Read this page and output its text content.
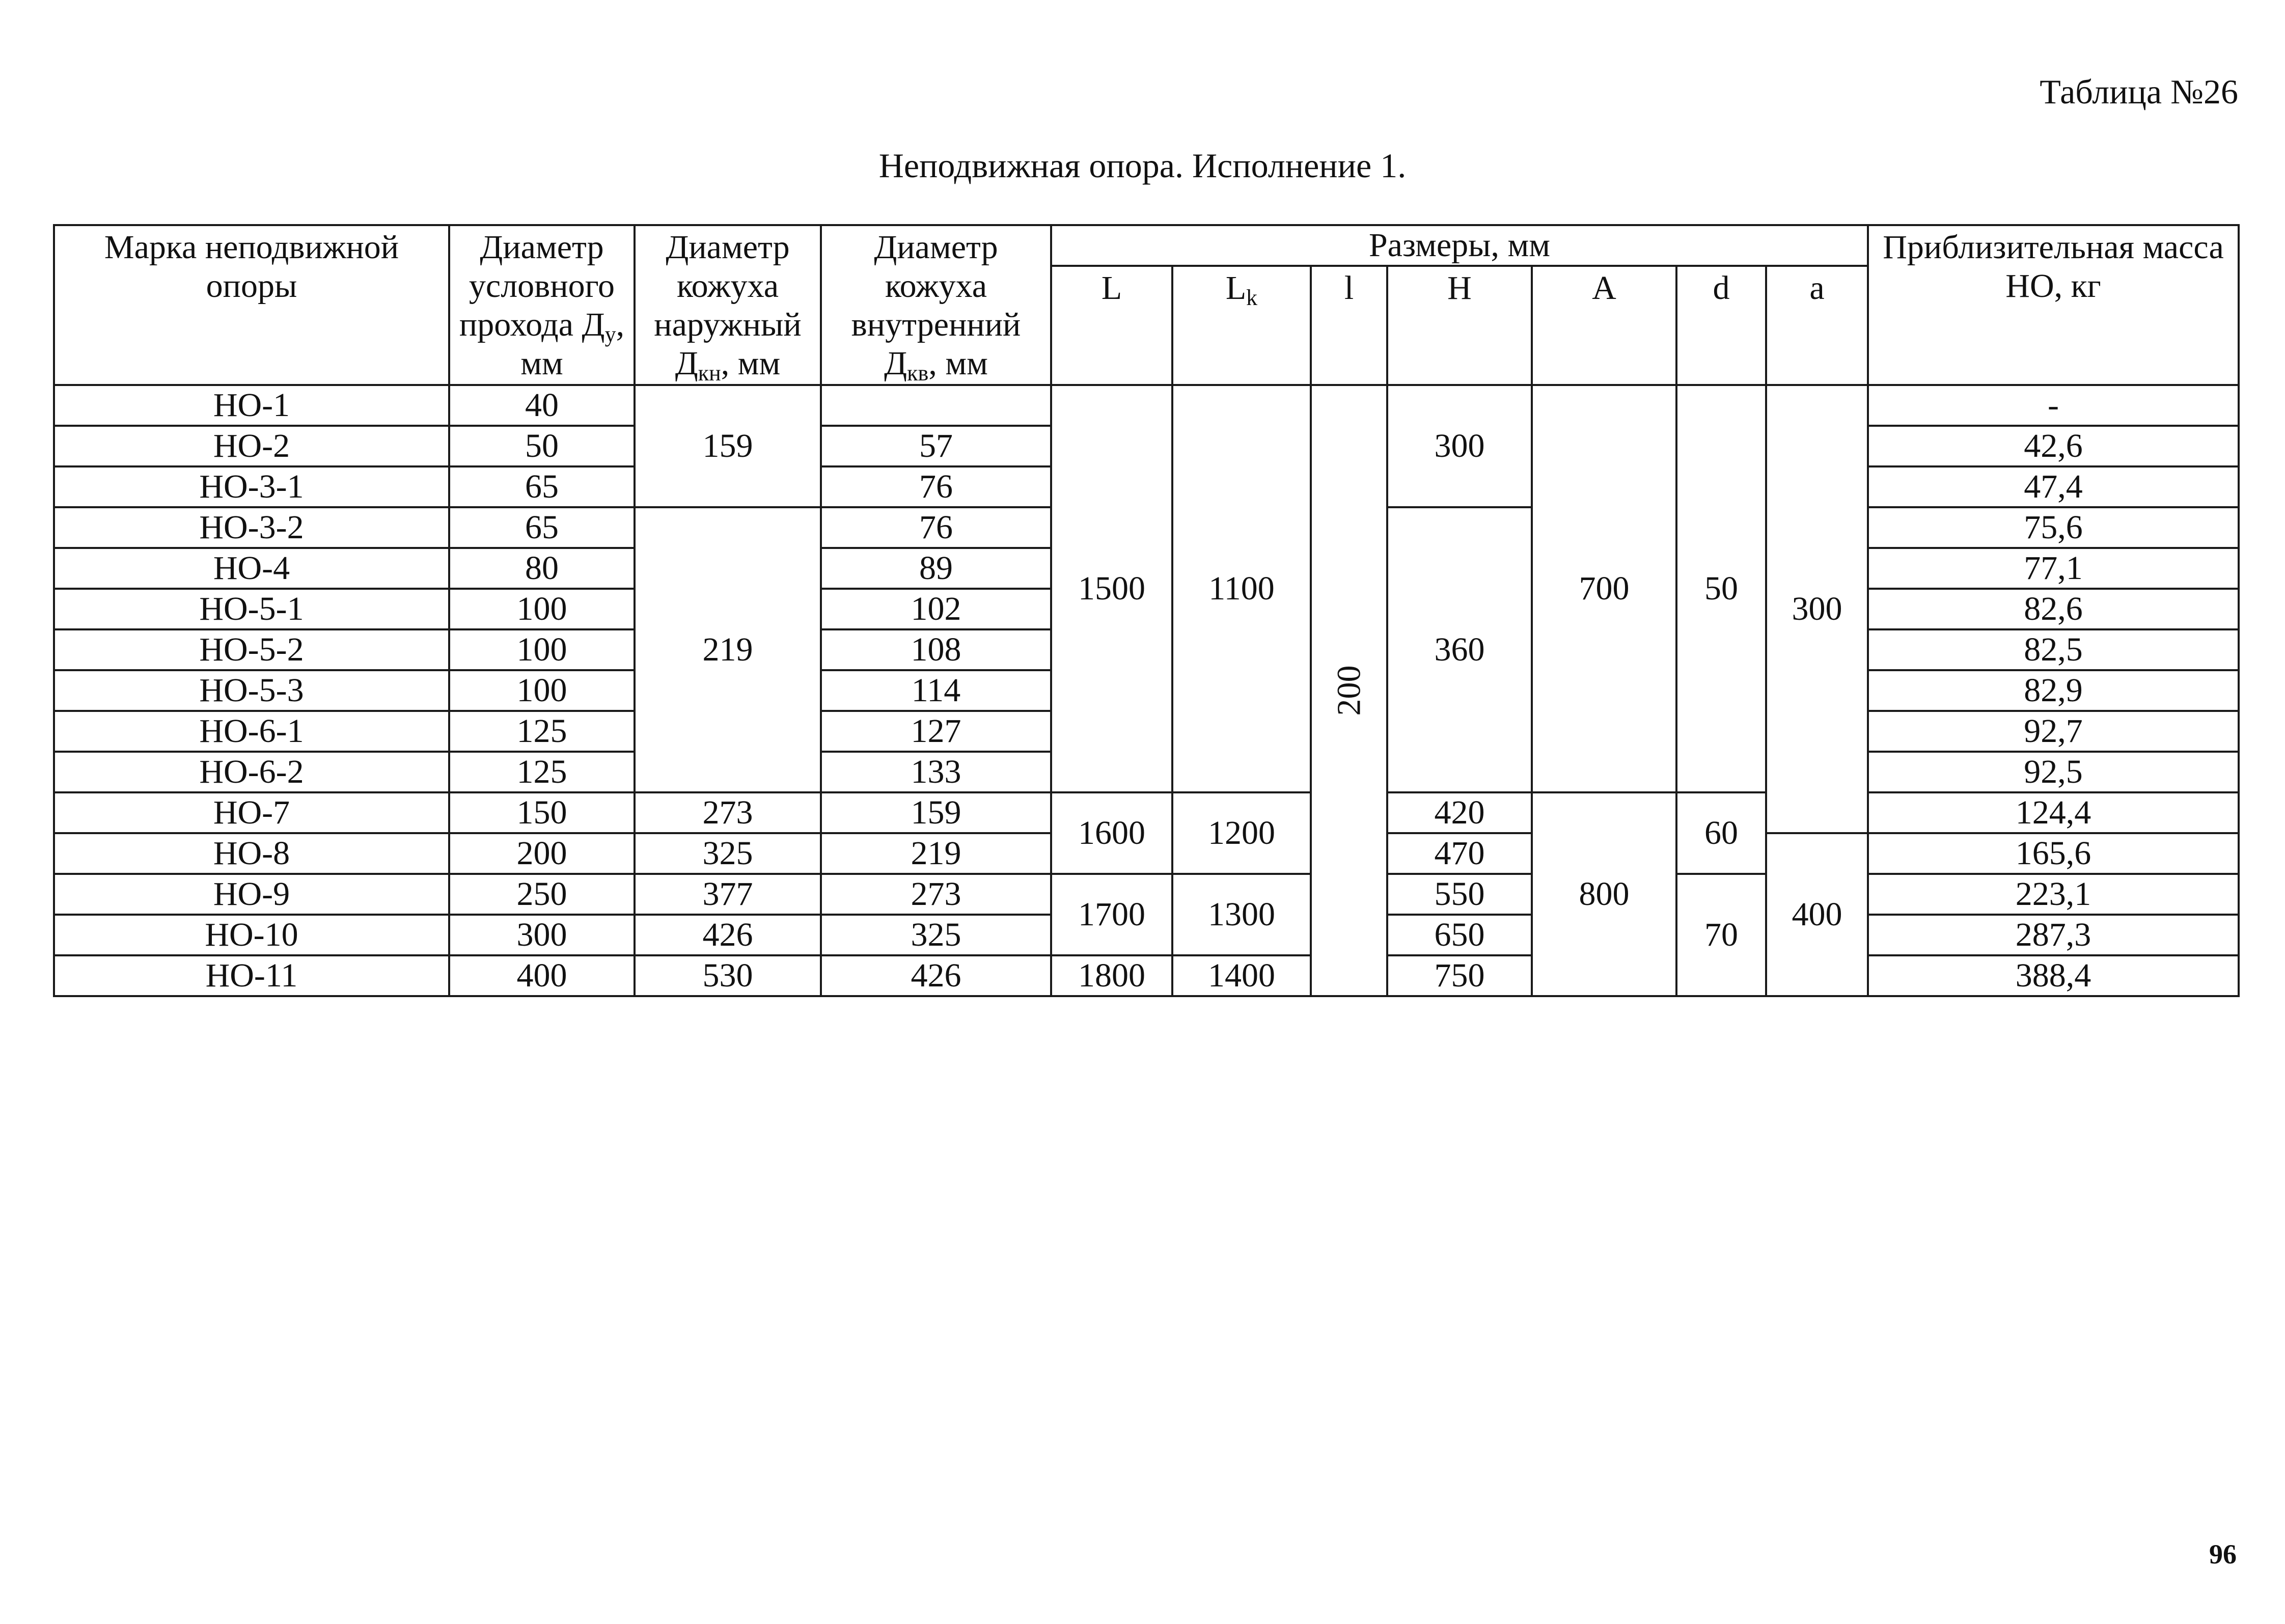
Таблица №26
Неподвижная опора. Исполнение 1.
Марка неподвижной опоры	Диаметр условного прохода $Д_у$, мм	Диаметр кожуха наружный $Д_{кн}$, мм	Диаметр кожуха внутренний $Д_{кв}$, мм	Размеры, мм							Приблизительная масса НО, кг
				L	$L_k$	l	H	A	d	a	
НО-1	40	159		1500	1100	200	300	700	50	300	-
НО-2	50		57								42,6
НО-3-1	65		76								47,4
НО-3-2	65	219	76				360				75,6
НО-4	80		89								77,1
НО-5-1	100		102								82,6
НО-5-2	100		108								82,5
НО-5-3	100		114								82,9
НО-6-1	125		127								92,7
НО-6-2	125		133								92,5
НО-7	150	273	159	1600	1200		420	800	60		124,4
НО-8	200	325	219				470			400	165,6
НО-9	250	377	273	1700	1300		550		70		223,1
НО-10	300	426	325				650				287,3
НО-11	400	530	426	1800	1400		750				388,4
96
